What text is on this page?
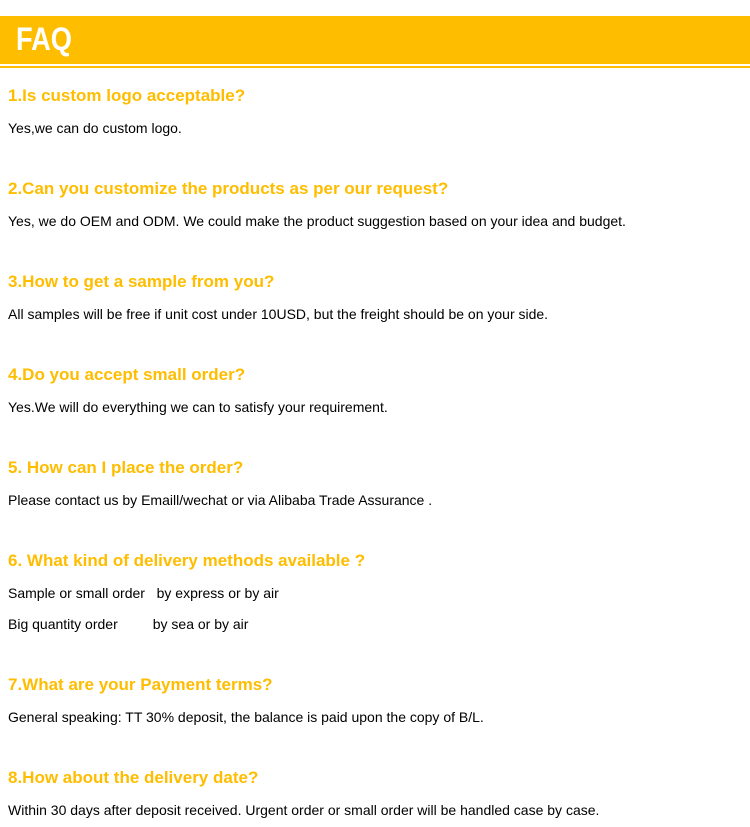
FAQ
1.Is custom logo acceptable?
Yes,we can do custom logo.
2.Can you customize the products as per our request?
Yes, we do OEM and ODM. We could make the product suggestion based on your idea and budget.
3.How to get a sample from you?
All samples will be free if unit cost under 10USD, but the freight should be on your side.
4.Do you accept small order?
Yes.We will do everything we can to satisfy your requirement.
5. How can I place the order?
Please contact us by Emaill/wechat or via Alibaba Trade Assurance .
6. What kind of delivery methods available ?
Sample or small order   by express or by air
Big quantity order         by sea or by air
7.What are your Payment terms?
General speaking: TT 30% deposit, the balance is paid upon the copy of B/L.
8.How about the delivery date?
Within 30 days after deposit received. Urgent order or small order will be handled case by case.
